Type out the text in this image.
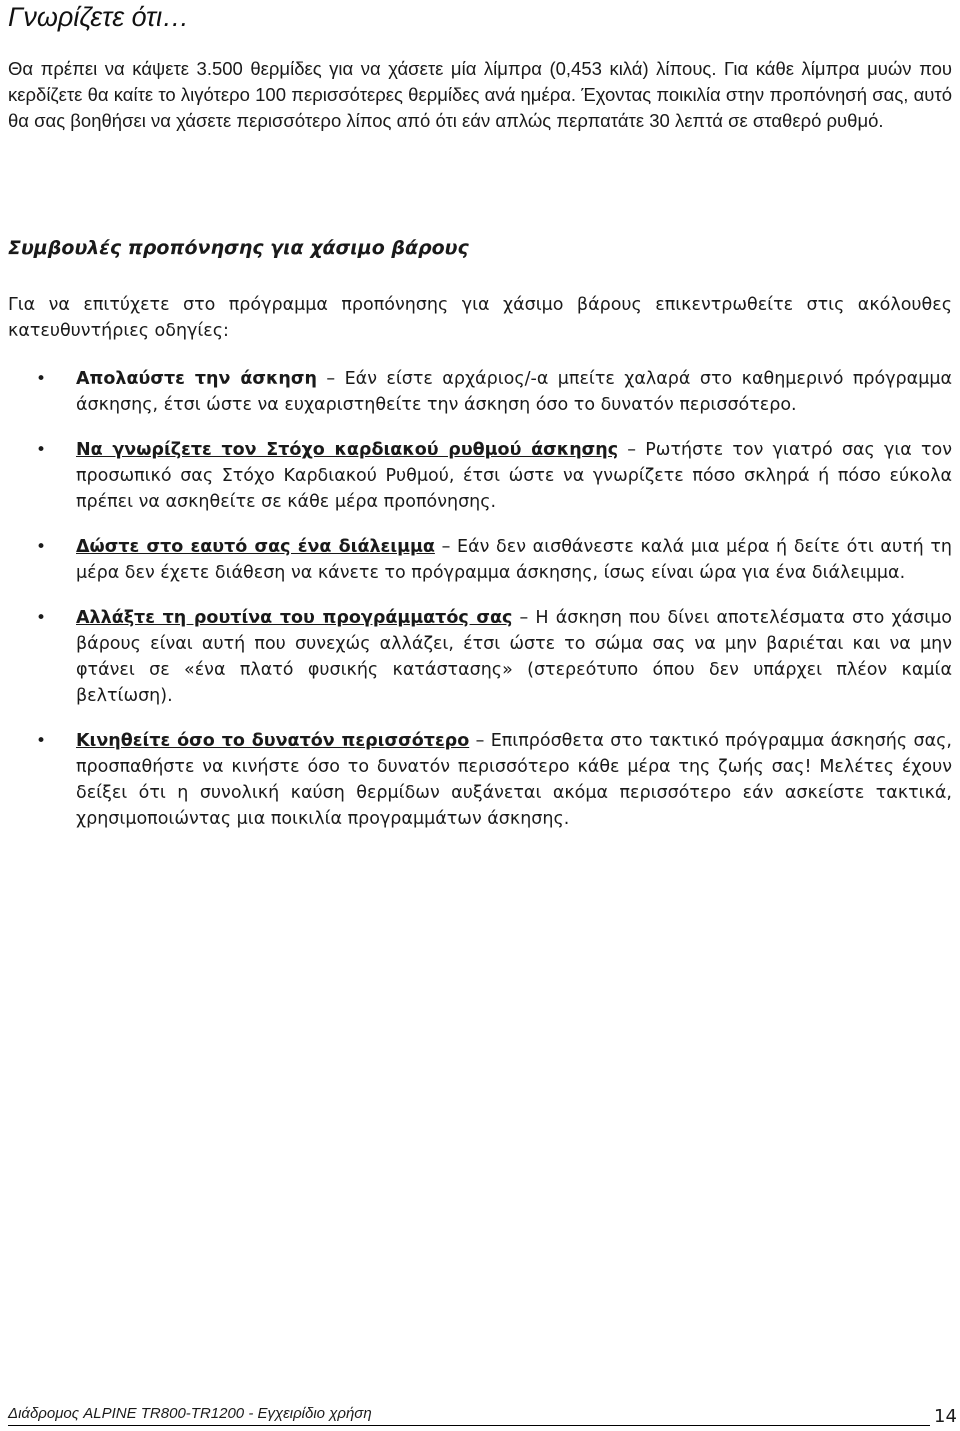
Γνωρίζετε ότι…

Θα πρέπει να κάψετε 3.500 θερμίδες για να χάσετε μία λίμπρα (0,453 κιλά) λίπους. Για κάθε λίμπρα μυών που κερδίζετε θα καίτε το λιγότερο 100 περισσότερες θερμίδες ανά ημέρα. Έχοντας ποικιλία στην προπόνησή σας, αυτό θα σας βοηθήσει να χάσετε περισσότερο λίπος από ότι εάν απλώς περπατάτε 30 λεπτά σε σταθερό ρυθμό.

Συμβουλές προπόνησης για χάσιμο βάρους

Για να επιτύχετε στο πρόγραμμα προπόνησης για χάσιμο βάρους επικεντρωθείτε στις ακόλουθες κατευθυντήριες οδηγίες:

• Απολαύστε την άσκηση – Εάν είστε αρχάριος/-α μπείτε χαλαρά στο καθημερινό πρόγραμμα άσκησης, έτσι ώστε να ευχαριστηθείτε την άσκηση όσο το δυνατόν περισσότερο.
• Να γνωρίζετε τον Στόχο καρδιακού ρυθμού άσκησης – Ρωτήστε τον γιατρό σας για τον προσωπικό σας Στόχο Καρδιακού Ρυθμού, έτσι ώστε να γνωρίζετε πόσο σκληρά ή πόσο εύκολα πρέπει να ασκηθείτε σε κάθε μέρα προπόνησης.
• Δώστε στο εαυτό σας ένα διάλειμμα – Εάν δεν αισθάνεστε καλά μια μέρα ή δείτε ότι αυτή τη μέρα δεν έχετε διάθεση να κάνετε το πρόγραμμα άσκησης, ίσως είναι ώρα για ένα διάλειμμα.
• Αλλάξτε τη ρουτίνα του προγράμματός σας – Η άσκηση που δίνει αποτελέσματα στο χάσιμο βάρους είναι αυτή που συνεχώς αλλάζει, έτσι ώστε το σώμα σας να μην βαριέται και να μην φτάνει σε «ένα πλατό φυσικής κατάστασης» (στερεότυπο όπου δεν υπάρχει πλέον καμία βελτίωση).
• Κινηθείτε όσο το δυνατόν περισσότερο – Επιπρόσθετα στο τακτικό πρόγραμμα άσκησής σας, προσπαθήστε να κινήστε όσο το δυνατόν περισσότερο κάθε μέρα της ζωής σας! Μελέτες έχουν δείξει ότι η συνολική καύση θερμίδων αυξάνεται ακόμα περισσότερο εάν ασκείστε τακτικά, χρησιμοποιώντας μια ποικιλία προγραμμάτων άσκησης.
Διάδρομος ALPINE TR800-TR1200 - Εγχειρίδιο χρήση	14
